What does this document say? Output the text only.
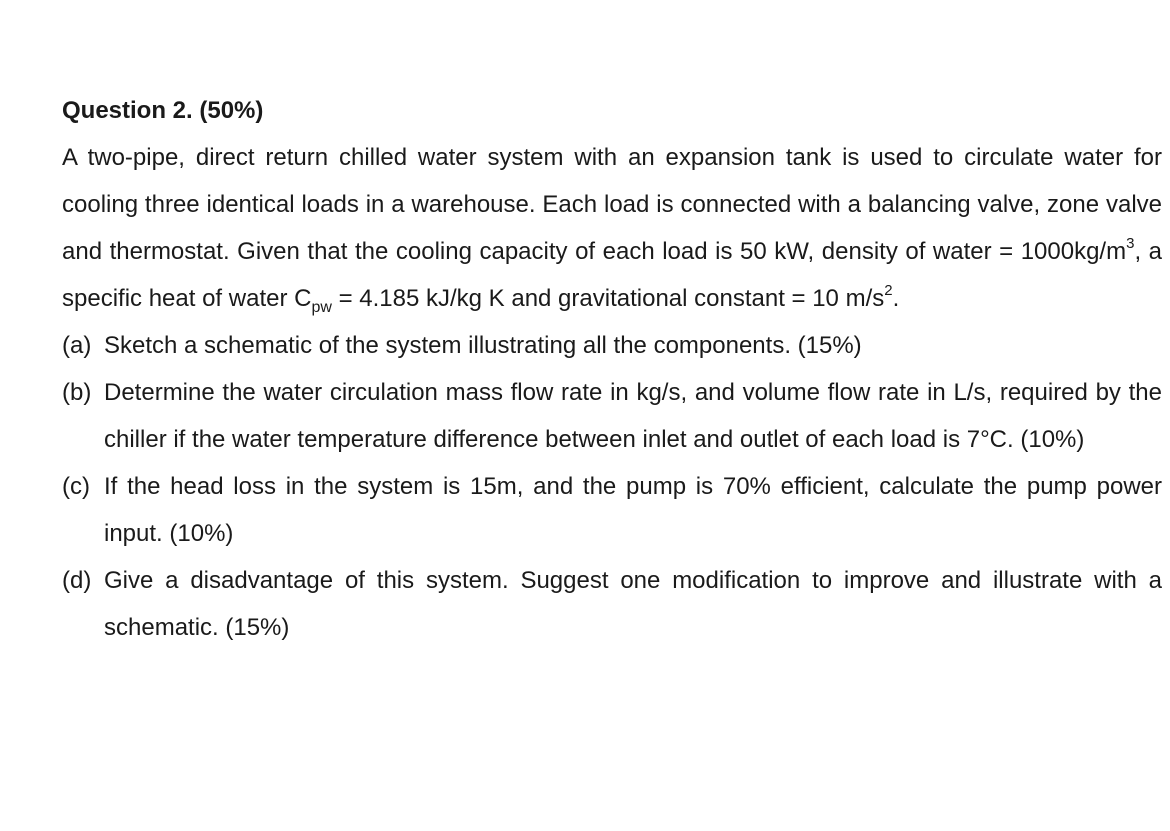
Question 2. (50%)

A two-pipe, direct return chilled water system with an expansion tank is used to circulate water for cooling three identical loads in a warehouse. Each load is connected with a balancing valve, zone valve and thermostat. Given that the cooling capacity of each load is 50 kW, density of water = $1000kg/m^3$, a specific heat of water $C_{pw} = 4.185$ kJ/kg K and gravitational constant = 10 $m/s^2$.

(a) Sketch a schematic of the system illustrating all the components. (15%)
(b) Determine the water circulation mass flow rate in kg/s, and volume flow rate in L/s, required by the chiller if the water temperature difference between inlet and outlet of each load is 7°C. (10%)
(c) If the head loss in the system is 15m, and the pump is 70% efficient, calculate the pump power input. (10%)
(d) Give a disadvantage of this system. Suggest one modification to improve and illustrate with a schematic. (15%)
